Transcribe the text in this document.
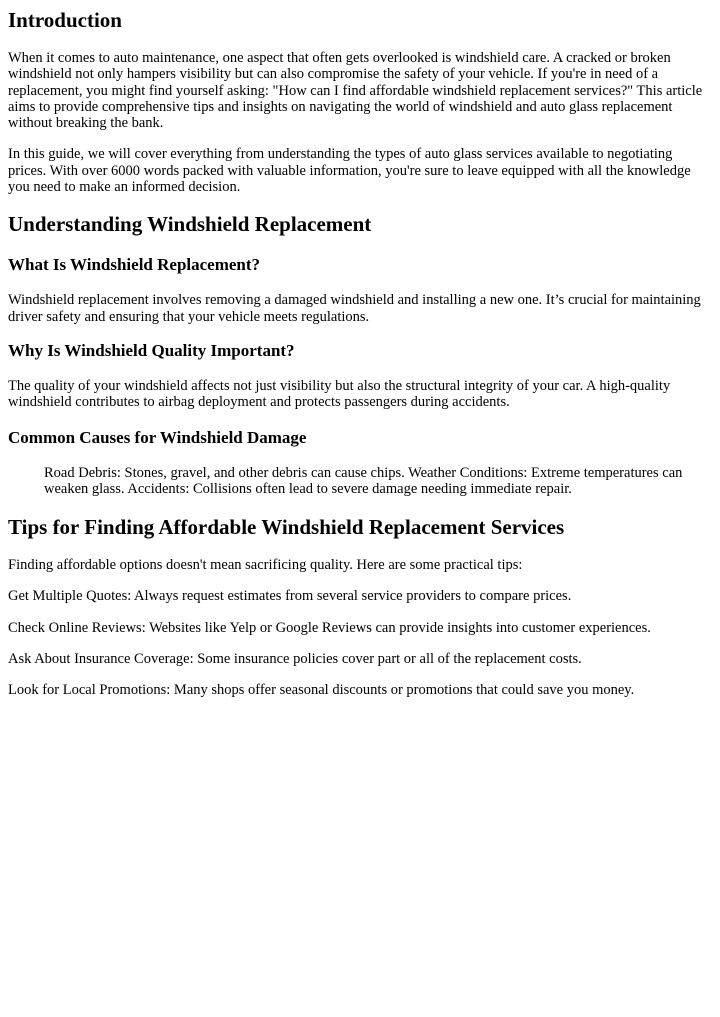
Introduction

When it comes to auto maintenance, one aspect that often gets overlooked is windshield care. A cracked or broken windshield not only hampers visibility but can also compromise the safety of your vehicle. If you're in need of a replacement, you might find yourself asking: "How can I find affordable windshield replacement services?" This article aims to provide comprehensive tips and insights on navigating the world of windshield and auto glass replacement without breaking the bank.

In this guide, we will cover everything from understanding the types of auto glass services available to negotiating prices. With over 6000 words packed with valuable information, you're sure to leave equipped with all the knowledge you need to make an informed decision.

Understanding Windshield Replacement
What Is Windshield Replacement?

Windshield replacement involves removing a damaged windshield and installing a new one. It’s crucial for maintaining driver safety and ensuring that your vehicle meets regulations.

Why Is Windshield Quality Important?

The quality of your windshield affects not just visibility but also the structural integrity of your car. A high-quality windshield contributes to airbag deployment and protects passengers during accidents.

Common Causes for Windshield Damage

Road Debris: Stones, gravel, and other debris can cause chips. Weather Conditions: Extreme temperatures can weaken glass. Accidents: Collisions often lead to severe damage needing immediate repair.

Tips for Finding Affordable Windshield Replacement Services

Finding affordable options doesn't mean sacrificing quality. Here are some practical tips:

Get Multiple Quotes: Always request estimates from several service providers to compare prices.

Check Online Reviews: Websites like Yelp or Google Reviews can provide insights into customer experiences.

Ask About Insurance Coverage: Some insurance policies cover part or all of the replacement costs.

Look for Local Promotions: Many shops offer seasonal discounts or promotions that could save you money.
